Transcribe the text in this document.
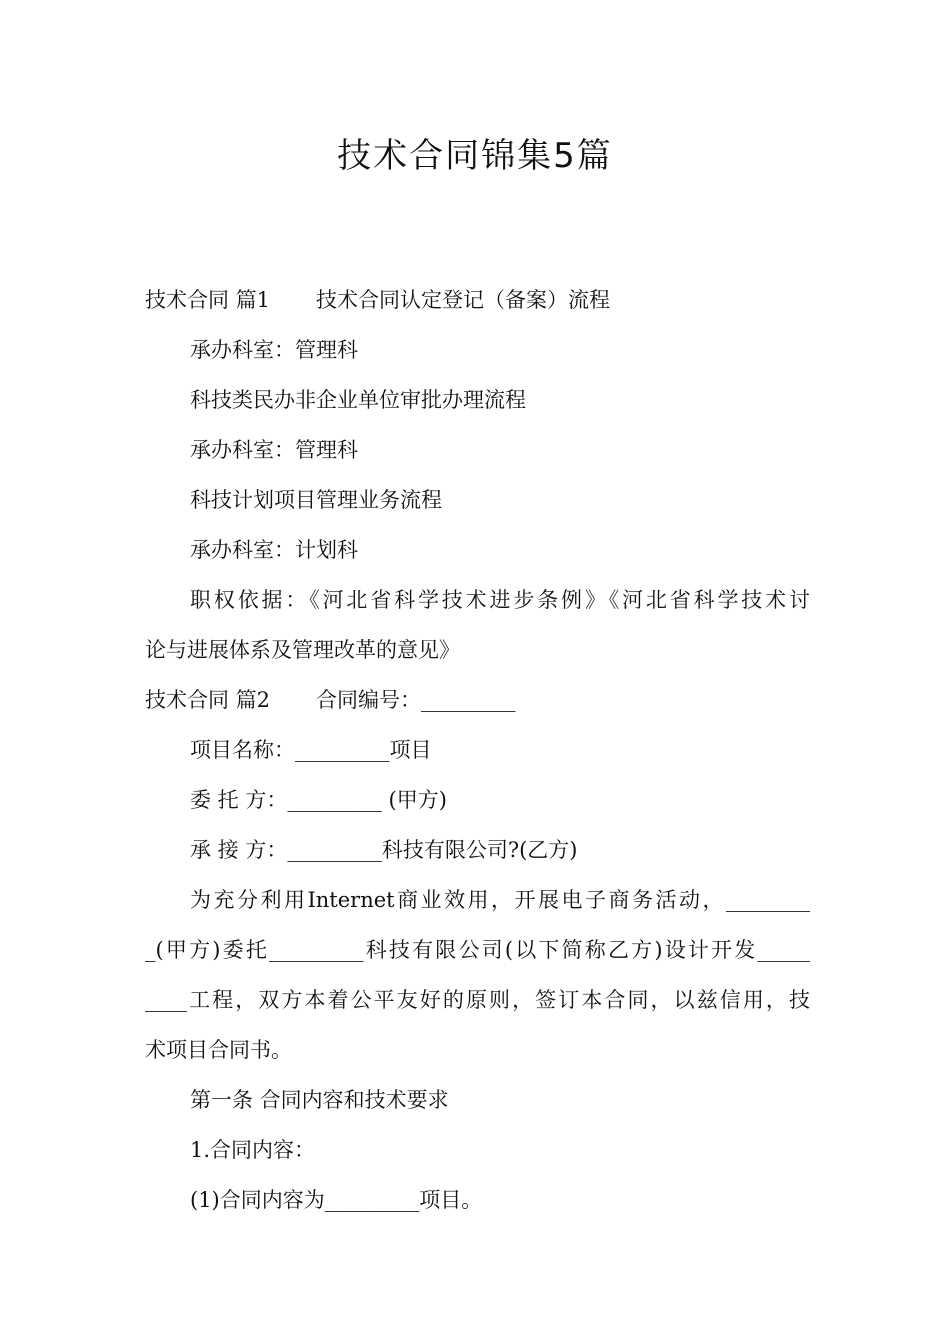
技术合同锦集5篇
技术合同 篇1 技术合同认定登记（备案）流程
承办科室：管理科
科技类民办非企业单位审批办理流程
承办科室：管理科
科技计划项目管理业务流程
承办科室：计划科
职权依据：《河北省科学技术进步条例》《河北省科学技术讨
论与进展体系及管理改革的意见》
技术合同 篇2 合同编号：_________
项目名称：_________项目
委 托 方：_________ (甲方)
承 接 方：_________科技有限公司?(乙方)
为充分利用Internet商业效用，开展电子商务活动，________
_(甲方)委托_________科技有限公司(以下简称乙方)设计开发_____
____工程，双方本着公平友好的原则，签订本合同，以兹信用，技
术项目合同书。
第一条 合同内容和技术要求
1.合同内容：
(1)合同内容为_________项目。
